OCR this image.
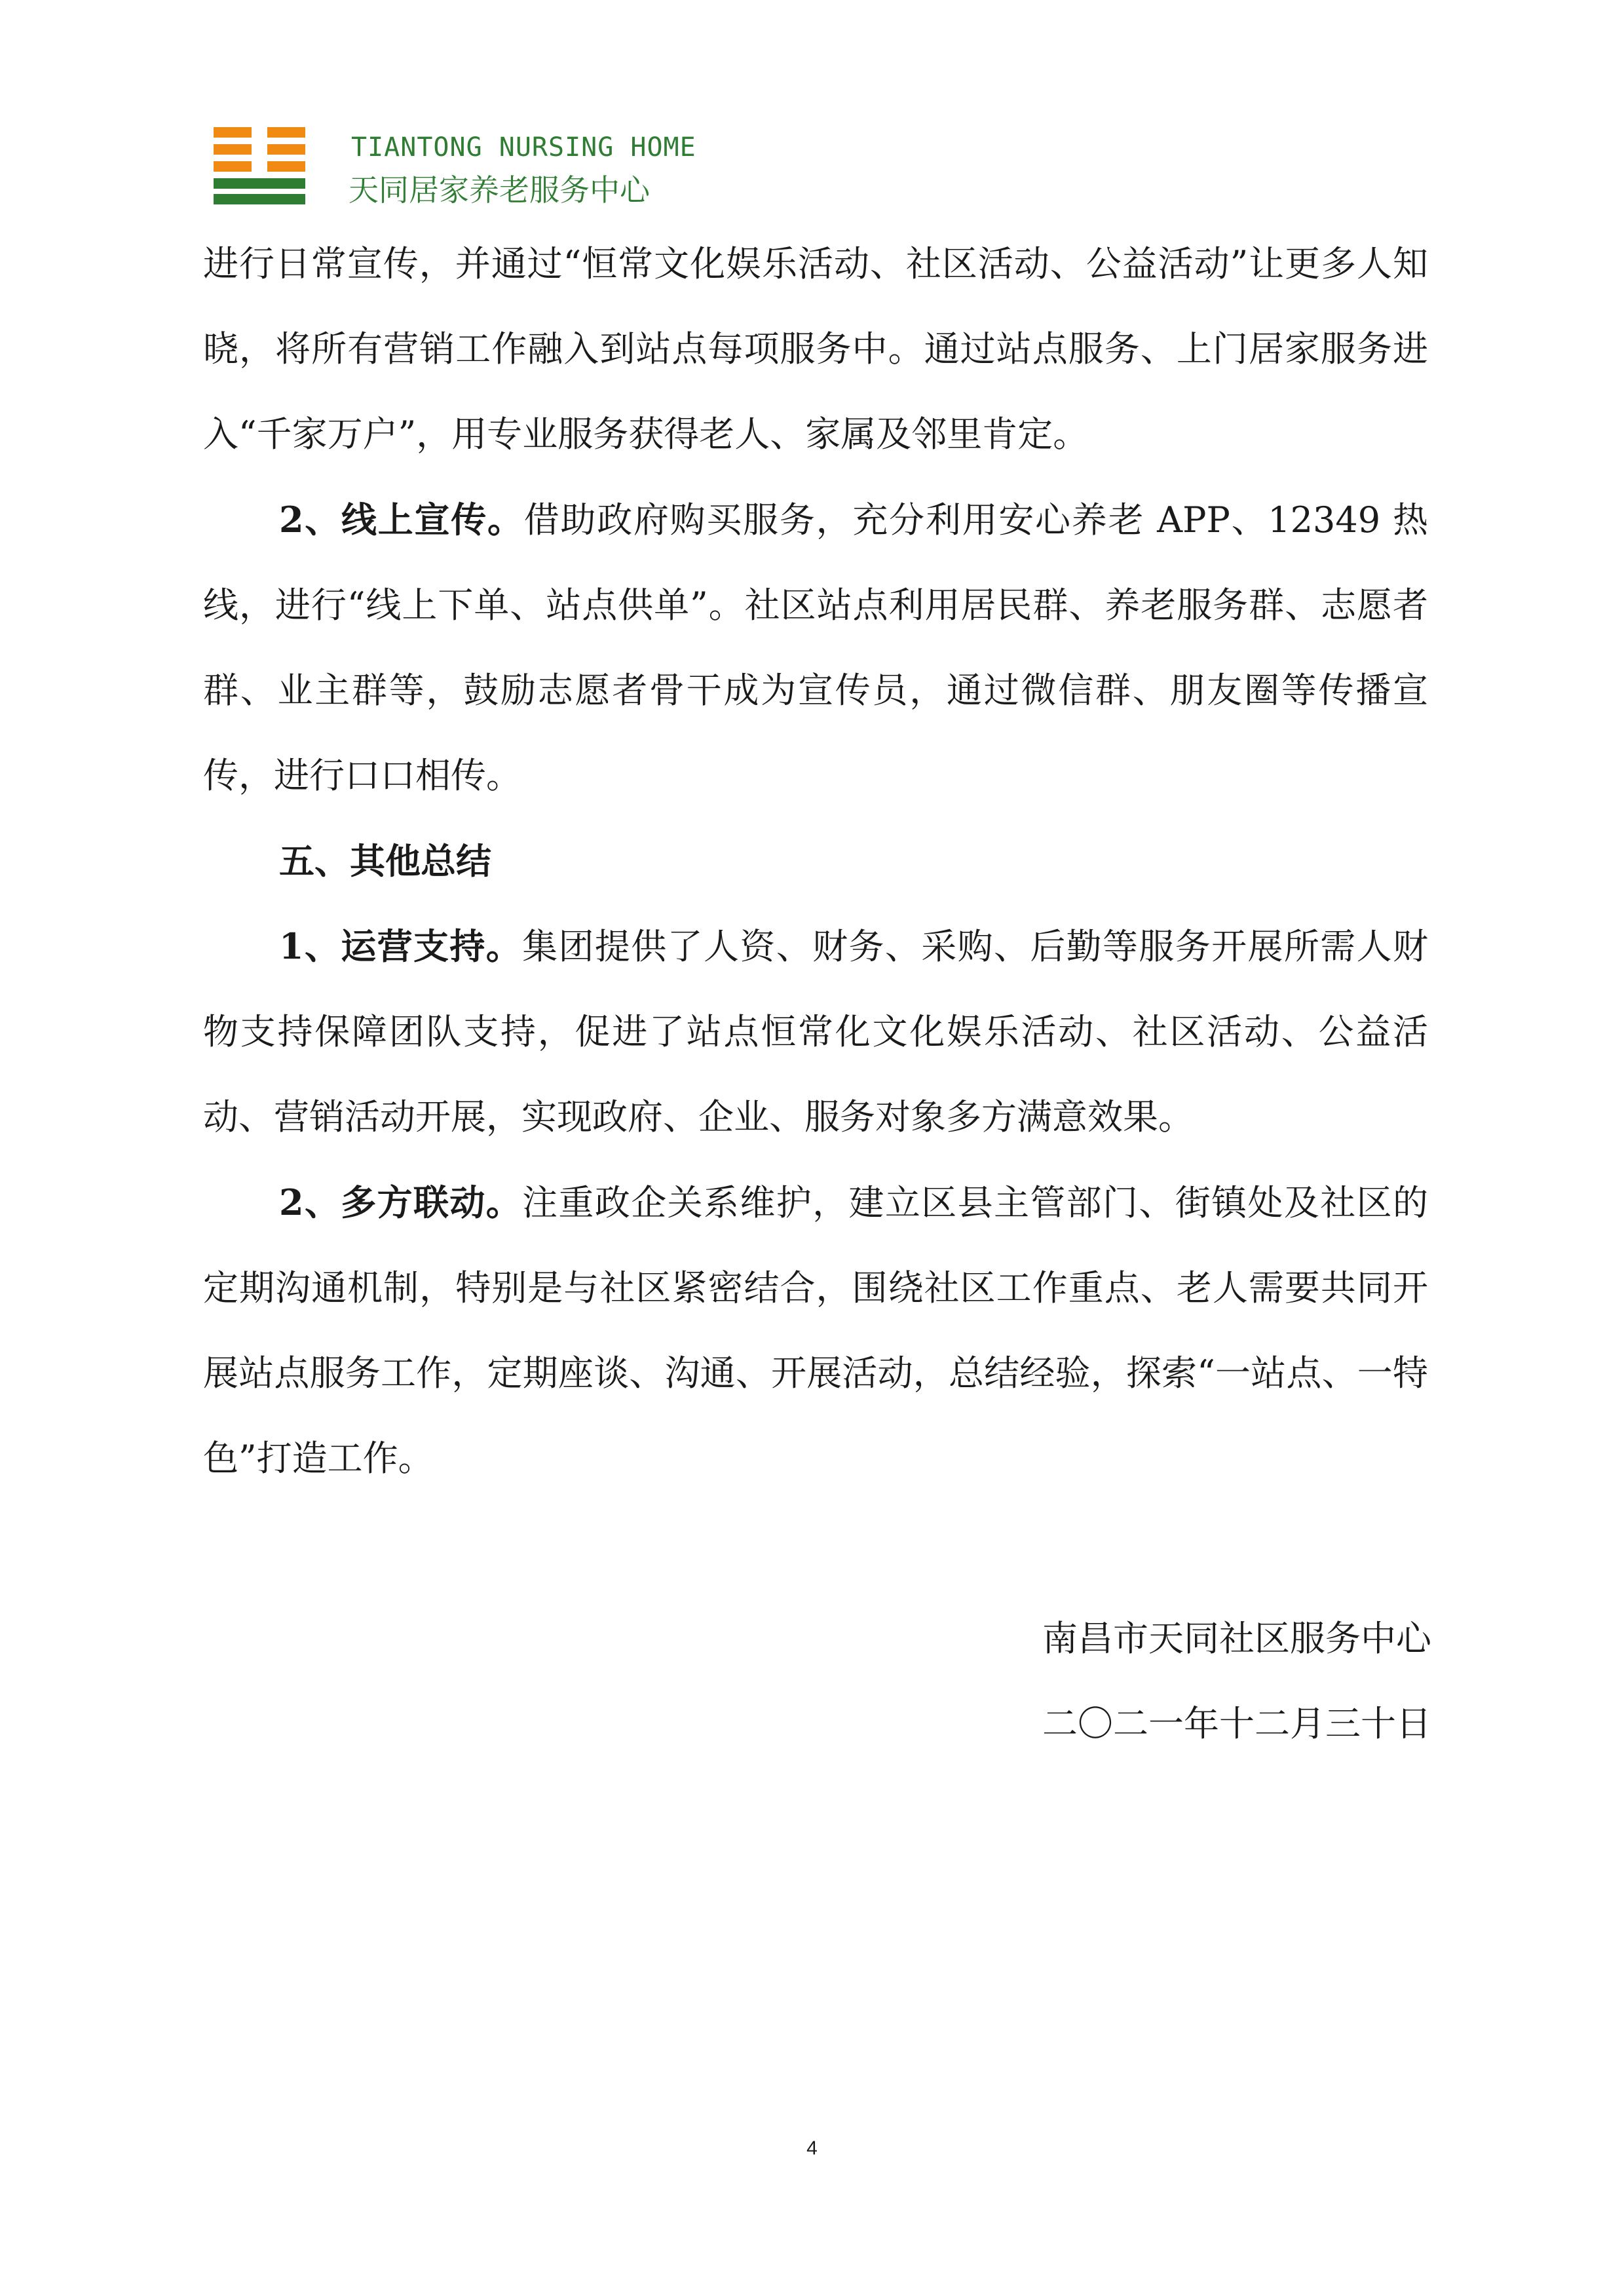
TIANTONG NURSING HOME
天同居家养老服务中心

进行日常宣传，并通过“恒常文化娱乐活动、社区活动、公益活动”让更多人知晓，将所有营销工作融入到站点每项服务中。通过站点服务、上门居家服务进入“千家万户”，用专业服务获得老人、家属及邻里肯定。

2、线上宣传。借助政府购买服务，充分利用安心养老 APP、12349 热线，进行“线上下单、站点供单”。社区站点利用居民群、养老服务群、志愿者群、业主群等，鼓励志愿者骨干成为宣传员，通过微信群、朋友圈等传播宣传，进行口口相传。

五、其他总结

1、运营支持。集团提供了人资、财务、采购、后勤等服务开展所需人财物支持保障团队支持，促进了站点恒常化文化娱乐活动、社区活动、公益活动、营销活动开展，实现政府、企业、服务对象多方满意效果。

2、多方联动。注重政企关系维护，建立区县主管部门、街镇处及社区的定期沟通机制，特别是与社区紧密结合，围绕社区工作重点、老人需要共同开展站点服务工作，定期座谈、沟通、开展活动，总结经验，探索“一站点、一特色”打造工作。

南昌市天同社区服务中心
二〇二一年十二月三十日
4
